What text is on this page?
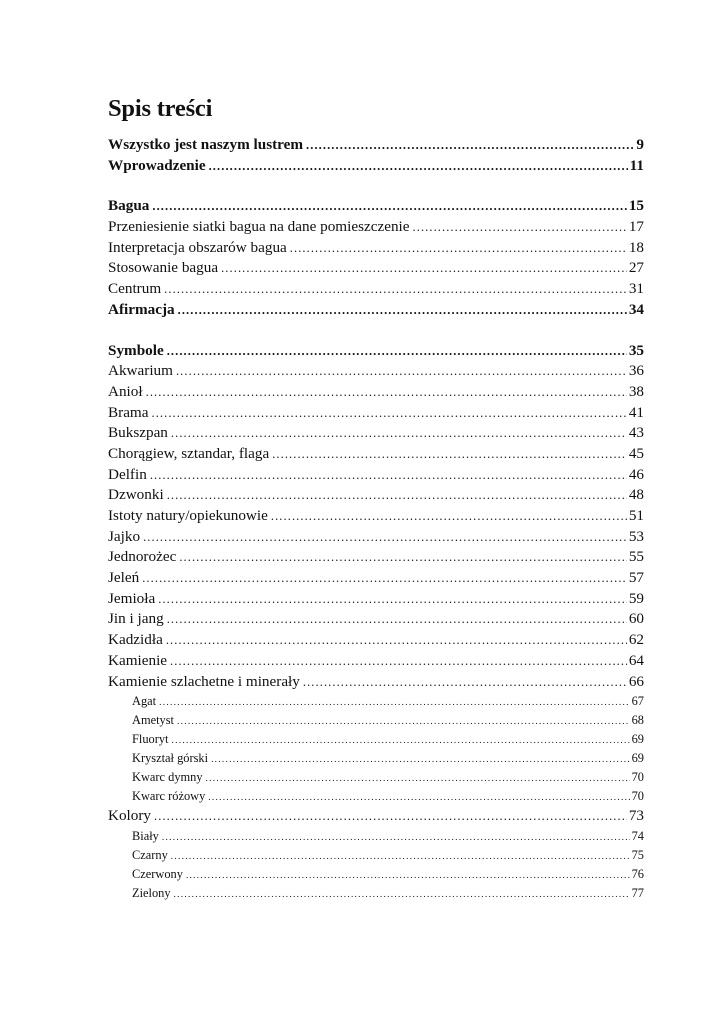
Spis treści
Wszystko jest naszym lustrem .....	9
Wprowadzenie .....	11
Bagua .....	15
Przeniesienie siatki bagua na dane pomieszczenie .....	17
Interpretacja obszarów bagua .....	18
Stosowanie bagua .....	27
Centrum .....	31
Afirmacja .....	34
Symbole .....	35
Akwarium .....	36
Anioł .....	38
Brama .....	41
Bukszpan .....	43
Chorągiew, sztandar, flaga .....	45
Delfin .....	46
Dzwonki .....	48
Istoty natury/opiekunowie .....	51
Jajko .....	53
Jednorożec .....	55
Jeleń .....	57
Jemioła .....	59
Jin i jang .....	60
Kadzidła .....	62
Kamienie .....	64
Kamienie szlachetne i minerały .....	66
Agat .....	67
Ametyst .....	68
Fluoryt .....	69
Kryształ górski .....	69
Kwarc dymny .....	70
Kwarc różowy .....	70
Kolory .....	73
Biały .....	74
Czarny .....	75
Czerwony .....	76
Zielony .....	77
